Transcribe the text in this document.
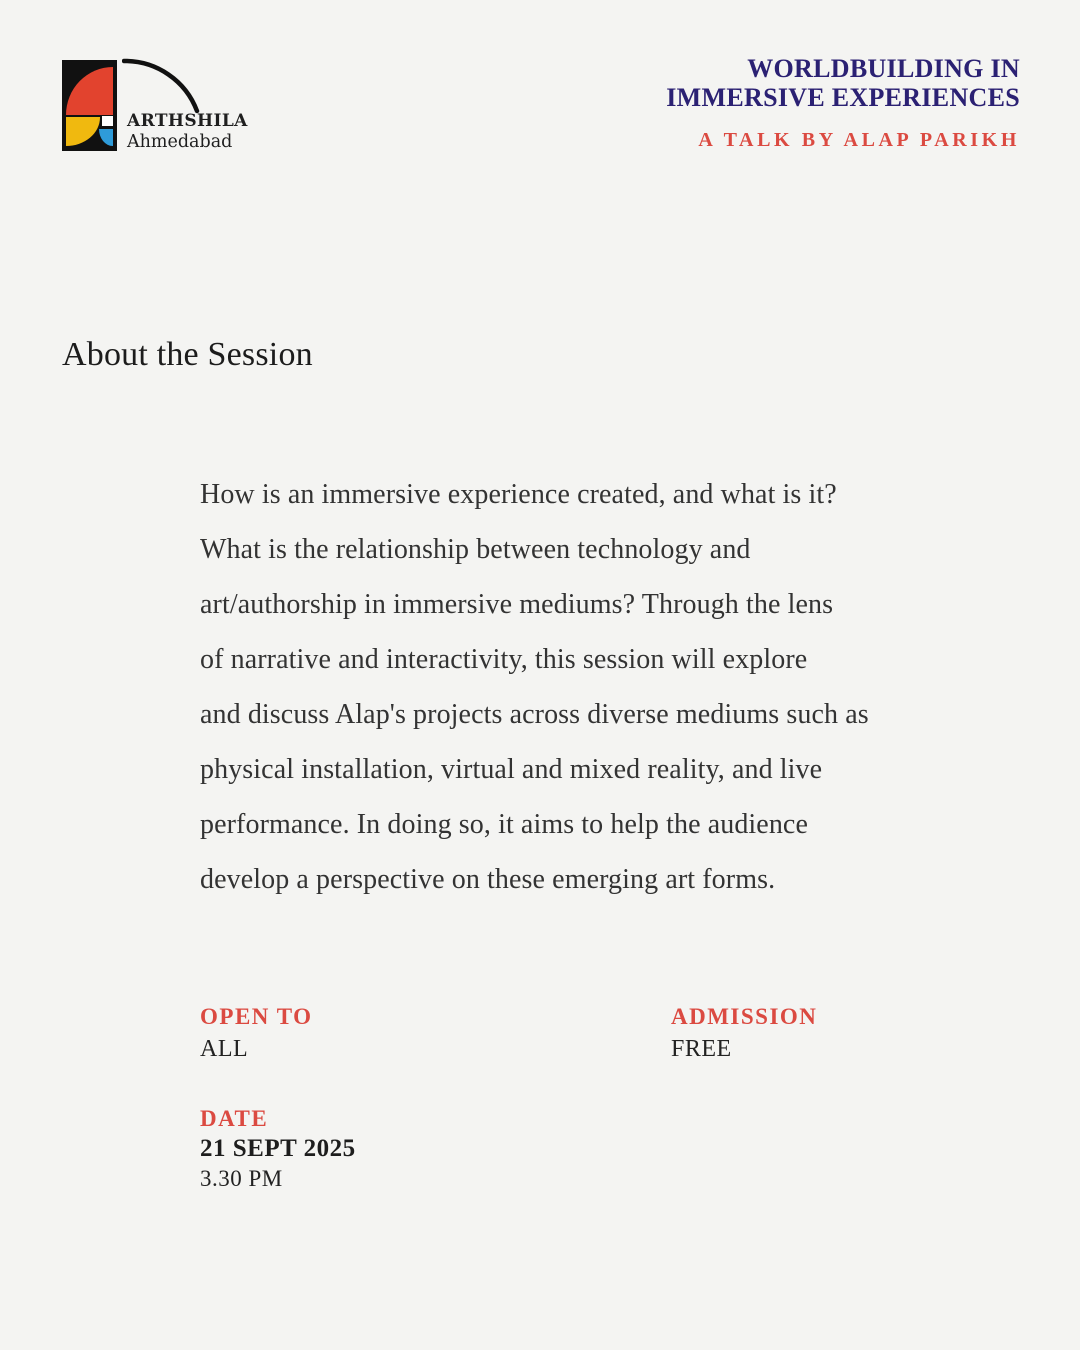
ARTHSHILA
Ahmedabad
WORLDBUILDING IN
IMMERSIVE EXPERIENCES
A TALK BY ALAP PARIKH
About the Session
How is an immersive experience created, and what is it?
What is the relationship between technology and
art/authorship in immersive mediums? Through the lens
of narrative and interactivity, this session will explore
and discuss Alap's projects across diverse mediums such as
physical installation, virtual and mixed reality, and live
performance. In doing so, it aims to help the audience
develop a perspective on these emerging art forms.
OPEN TO
ALL
ADMISSION
FREE
DATE
21 SEPT 2025
3.30 PM
